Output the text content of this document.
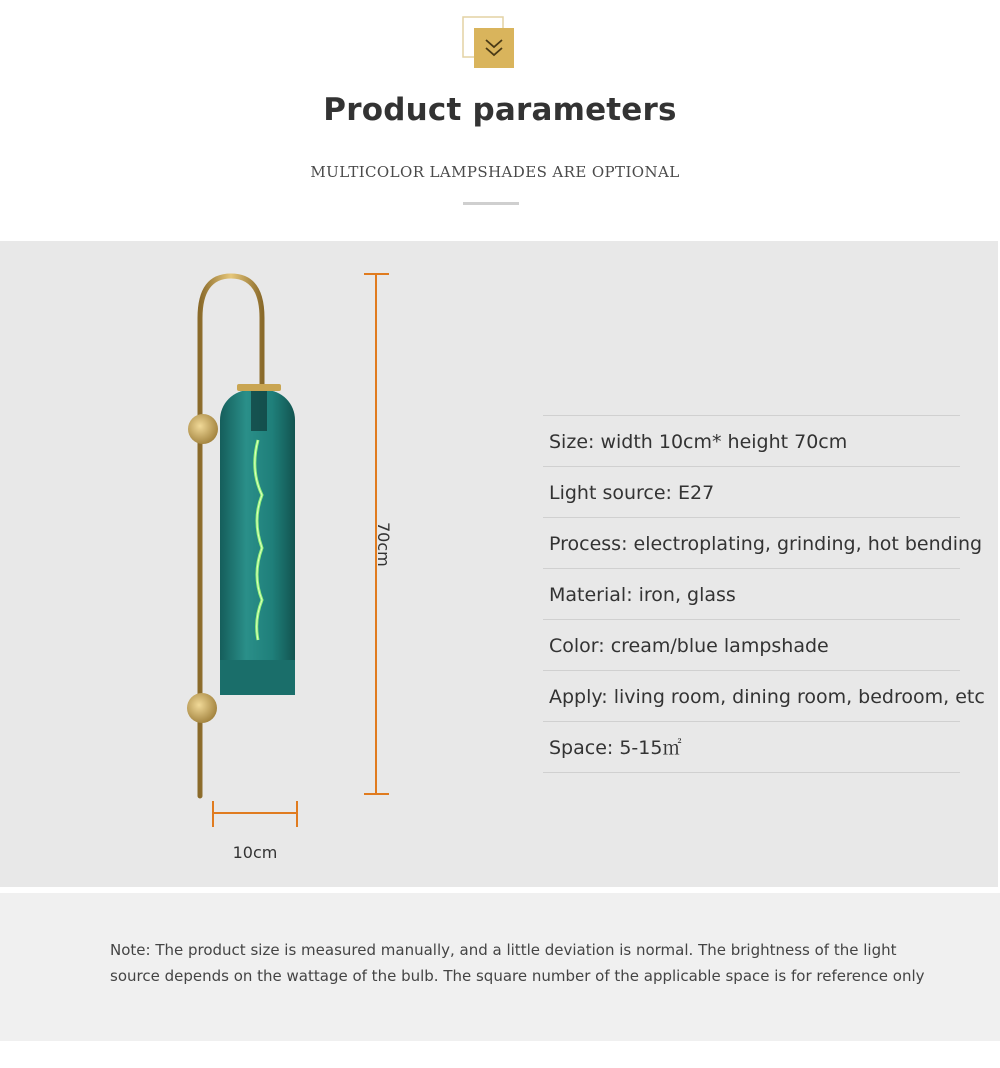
Product parameters
MULTICOLOR LAMPSHADES ARE OPTIONAL
70cm
10cm
Size: width 10cm* height 70cm
Light source: E27
Process: electroplating, grinding, hot bending
Material: iron, glass
Color: cream/blue lampshade
Apply: living room, dining room, bedroom, etc
Space: 5-15㎡
Note: The product size is measured manually, and a little deviation is normal. The brightness of the light source depends on the wattage of the bulb. The square number of the applicable space is for reference only
